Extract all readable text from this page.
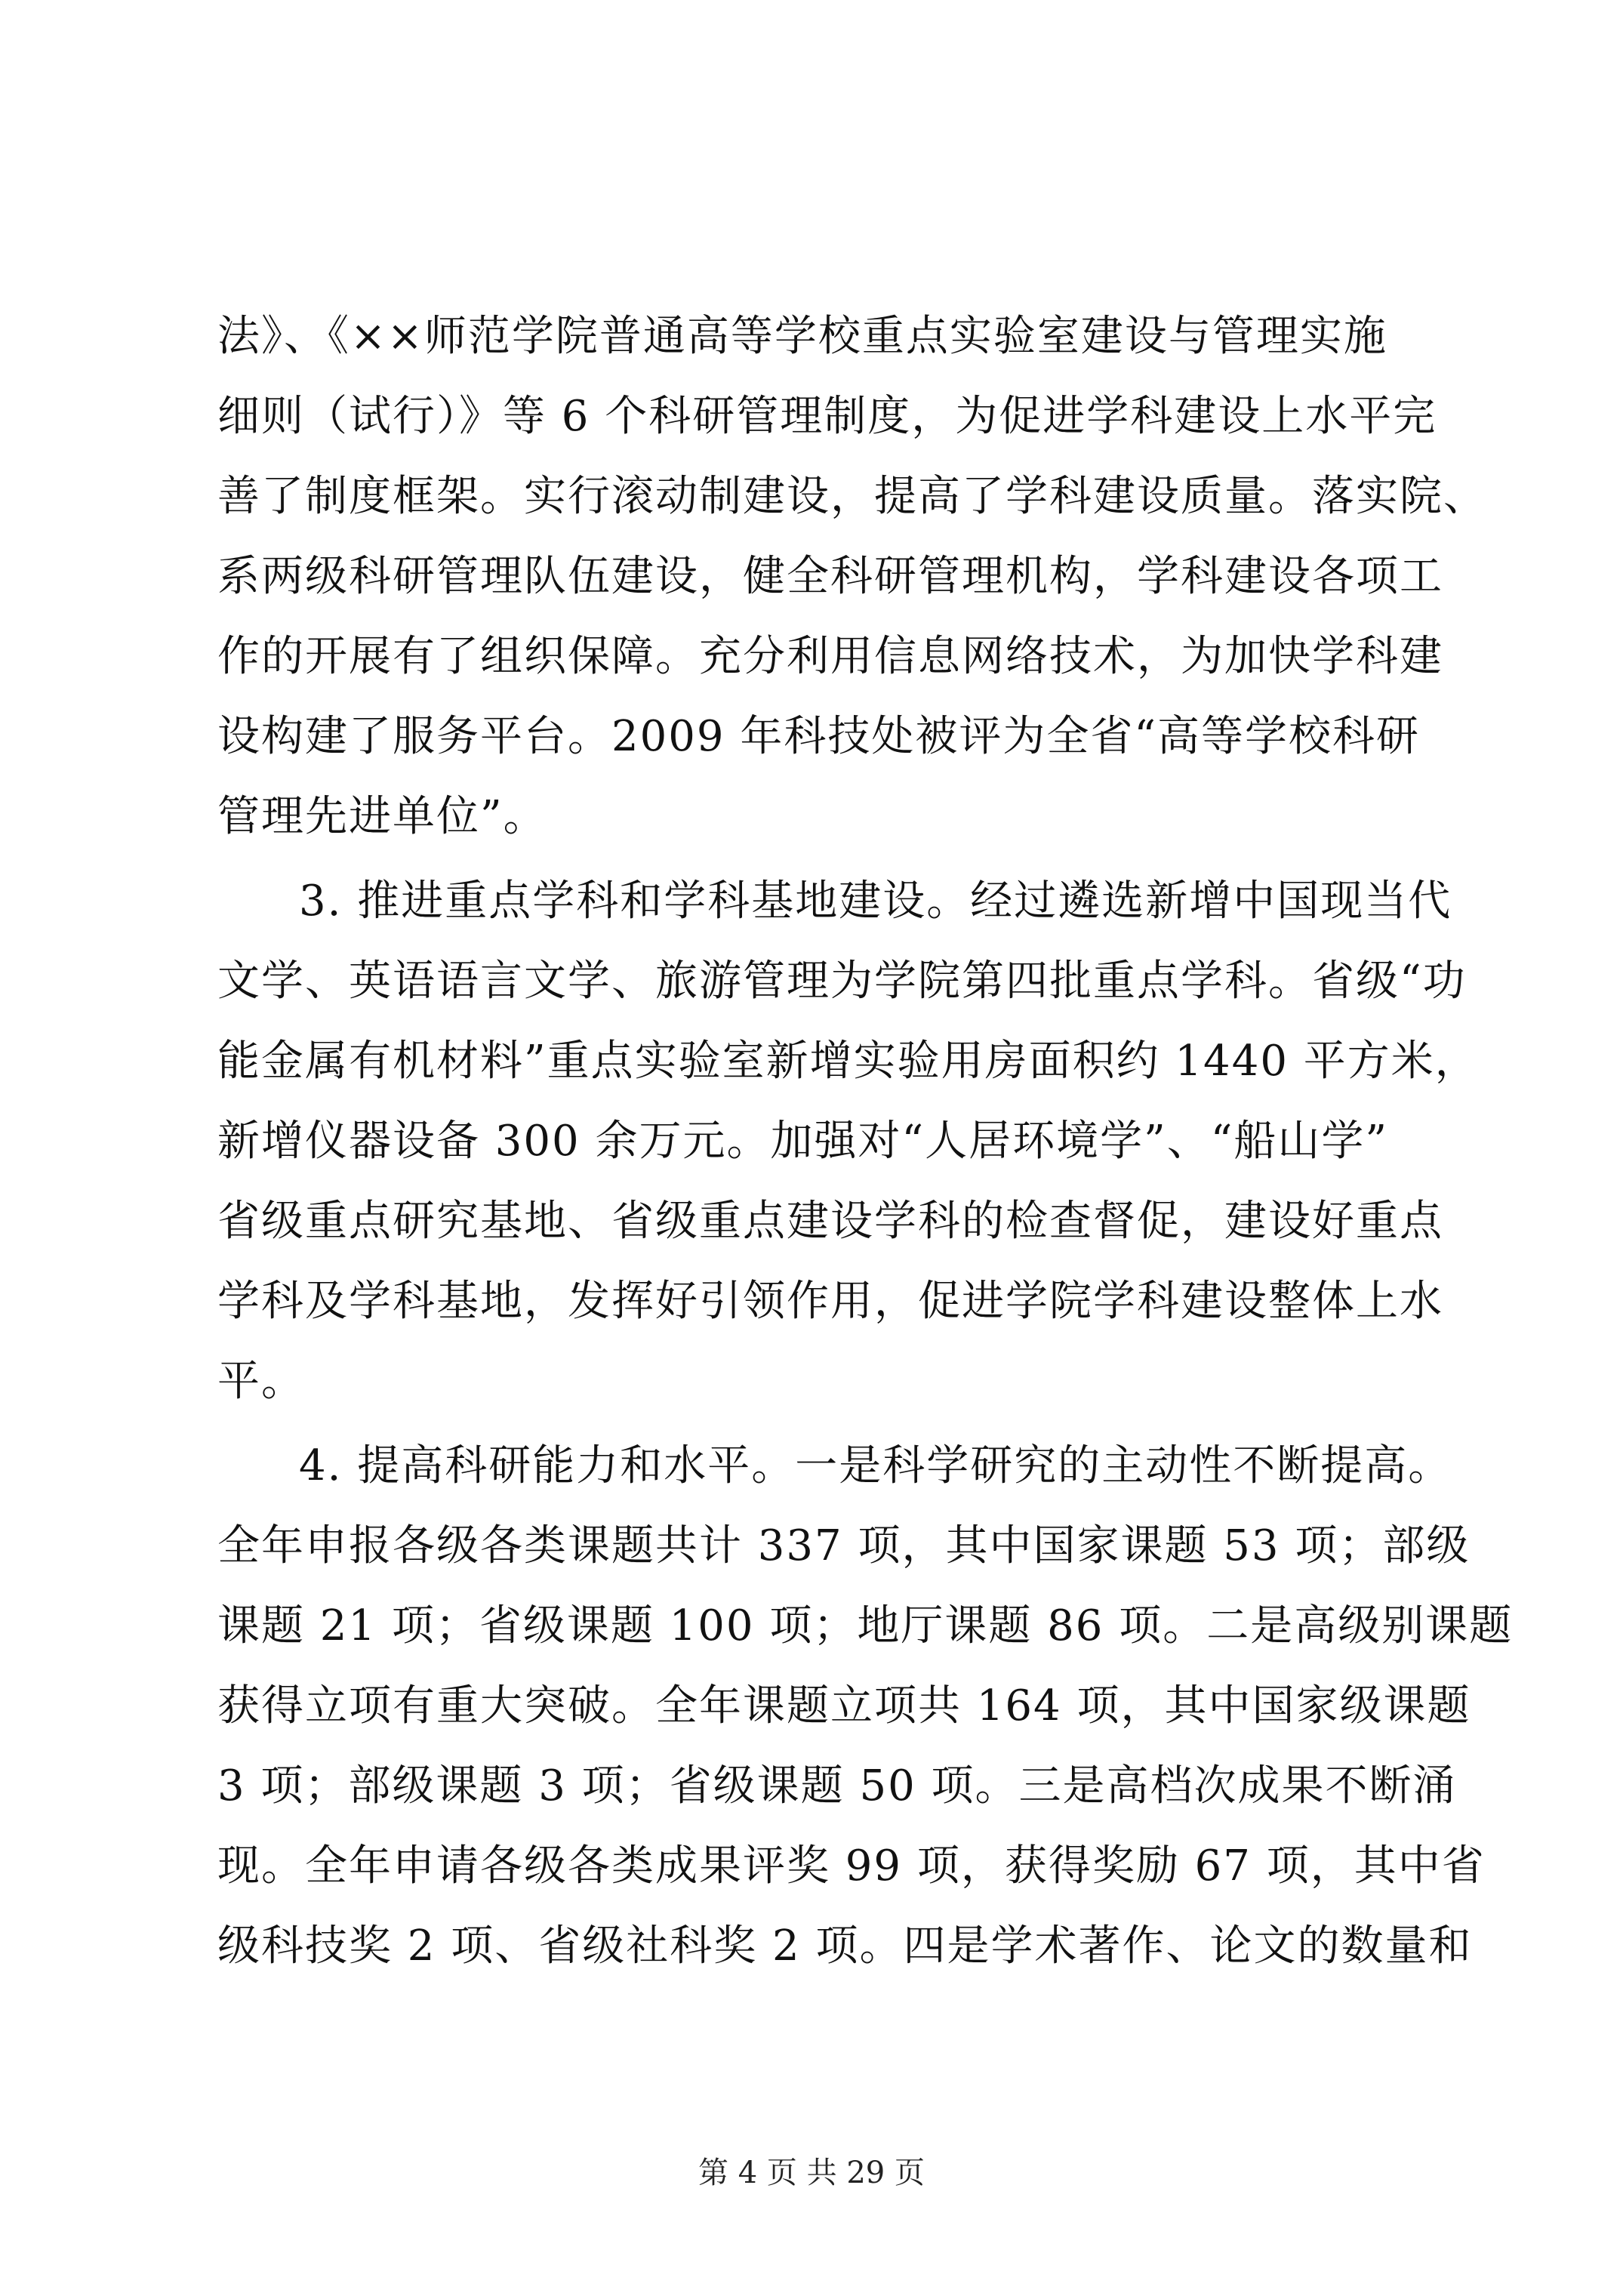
法》、《××师范学院普通高等学校重点实验室建设与管理实施
细则（试行）》等 6 个科研管理制度，为促进学科建设上水平完
善了制度框架。实行滚动制建设，提高了学科建设质量。落实院、
系两级科研管理队伍建设，健全科研管理机构，学科建设各项工
作的开展有了组织保障。充分利用信息网络技术，为加快学科建
设构建了服务平台。2009 年科技处被评为全省“高等学校科研
管理先进单位”。
3. 推进重点学科和学科基地建设。经过遴选新增中国现当代
文学、英语语言文学、旅游管理为学院第四批重点学科。省级“功
能金属有机材料”重点实验室新增实验用房面积约 1440 平方米，
新增仪器设备 300 余万元。加强对“人居环境学”、“船山学”
省级重点研究基地、省级重点建设学科的检查督促，建设好重点
学科及学科基地，发挥好引领作用，促进学院学科建设整体上水
平。
4. 提高科研能力和水平。一是科学研究的主动性不断提高。
全年申报各级各类课题共计 337 项，其中国家课题 53 项；部级
课题 21 项；省级课题 100 项；地厅课题 86 项。二是高级别课题
获得立项有重大突破。全年课题立项共 164 项，其中国家级课题
3 项；部级课题 3 项；省级课题 50 项。三是高档次成果不断涌
现。全年申请各级各类成果评奖 99 项，获得奖励 67 项，其中省
级科技奖 2 项、省级社科奖 2 项。四是学术著作、论文的数量和
第 4 页 共 29 页
